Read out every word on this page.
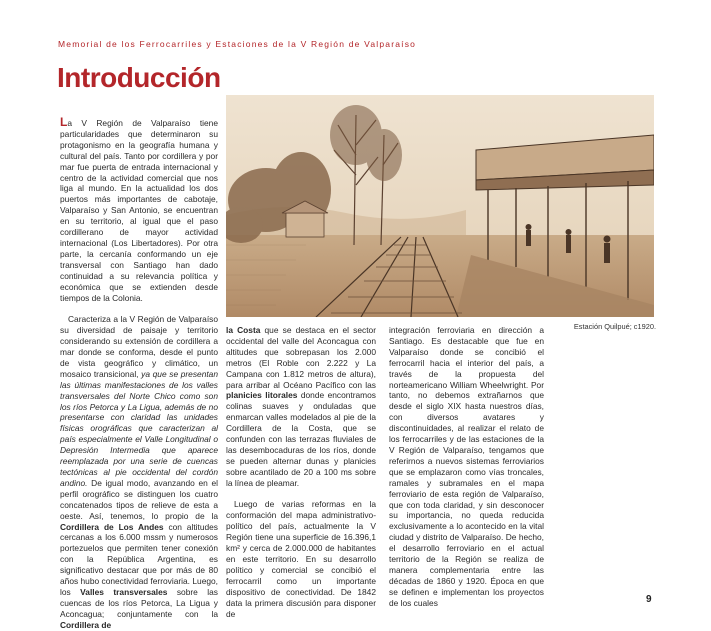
Memorial de los Ferrocarriles y Estaciones de la V Región de Valparaíso
Introducción

La V Región de Valparaíso tiene particularidades que determinaron su protagonismo en la geografía humana y cultural del país. Tanto por cordillera y por mar fue puerta de entrada internacional y centro de la actividad comercial que nos liga al mundo. En la actualidad los dos puertos más importantes de cabotaje, Valparaíso y San Antonio, se encuentran en su territorio, al igual que el paso cordillerano de mayor actividad internacional (Los Libertadores). Por otra parte, la cercanía conformando un eje transversal con Santiago han dado continuidad a su relevancia política y económica que se extienden desde tiempos de la Colonia.

Caracteriza a la V Región de Valparaíso su diversidad de paisaje y territorio considerando su extensión de cordillera a mar donde se conforma, desde el punto de vista geográfico y climático, un mosaico transicional, ya que se presentan las últimas manifestaciones de los valles transversales del Norte Chico como son los ríos Petorca y La Ligua, además de no presentarse con claridad las unidades físicas orográficas que caracterizan al país especialmente el Valle Longitudinal o Depresión Intermedia que aparece reemplazada por una serie de cuencas tectónicas al pie occidental del cordón andino. De igual modo, avanzando en el perfil orográfico se distinguen los cuatro concatenados tipos de relieve de esta a oeste. Así, tenemos, lo propio de la Cordillera de Los Andes con altitudes cercanas a los 6.000 mssm y numerosos portezuelos que permiten tener conexión con la República Argentina, es significativo destacar que por más de 80 años hubo conectividad ferroviaria. Luego, los Valles transversales sobre las cuencas de los ríos Petorca, La Ligua y Aconcagua; conjuntamente con la Cordillera de

Estación Quilpué; c1920.

la Costa que se destaca en el sector occidental del valle del Aconcagua con altitudes que sobrepasan los 2.000 metros (El Roble con 2.222 y La Campana con 1.812 metros de altura), para arribar al Océano Pacífico con las planicies litorales donde encontramos colinas suaves y onduladas que enmarcan valles modelados al pie de la Cordillera de la Costa, que se confunden con las terrazas fluviales de las desembocaduras de los ríos, donde se pueden alternar dunas y planicies sobre acantilado de 20 a 100 ms sobre la línea de pleamar.

Luego de varias reformas en la conformación del mapa administrativo-político del país, actualmente la V Región tiene una superficie de 16.396,1 km² y cerca de 2.000.000 de habitantes en este territorio. En su desarrollo político y comercial se concibió el ferrocarril como un importante dispositivo de conectividad. De 1842 data la primera discusión para disponer de

integración ferroviaria en dirección a Santiago. Es destacable que fue en Valparaíso donde se concibió el ferrocarril hacia el interior del país, a través de la propuesta del norteamericano William Wheelwright. Por tanto, no debemos extrañarnos que desde el siglo XIX hasta nuestros días, con diversos avatares y discontinuidades, al realizar el relato de los ferrocarriles y de las estaciones de la V Región de Valparaíso, tengamos que referirnos a nuevos sistemas ferroviarios que se emplazaron como vías troncales, ramales y subramales en el mapa ferroviario de esta región de Valparaíso, que con toda claridad, y sin desconocer su importancia, no queda reducida exclusivamente a lo acontecido en la vital ciudad y distrito de Valparaíso. De hecho, el desarrollo ferroviario en el actual territorio de la Región se realiza de manera complementaria entre las décadas de 1860 y 1920. Época en que se definen e implementan los proyectos de los cuales	9
